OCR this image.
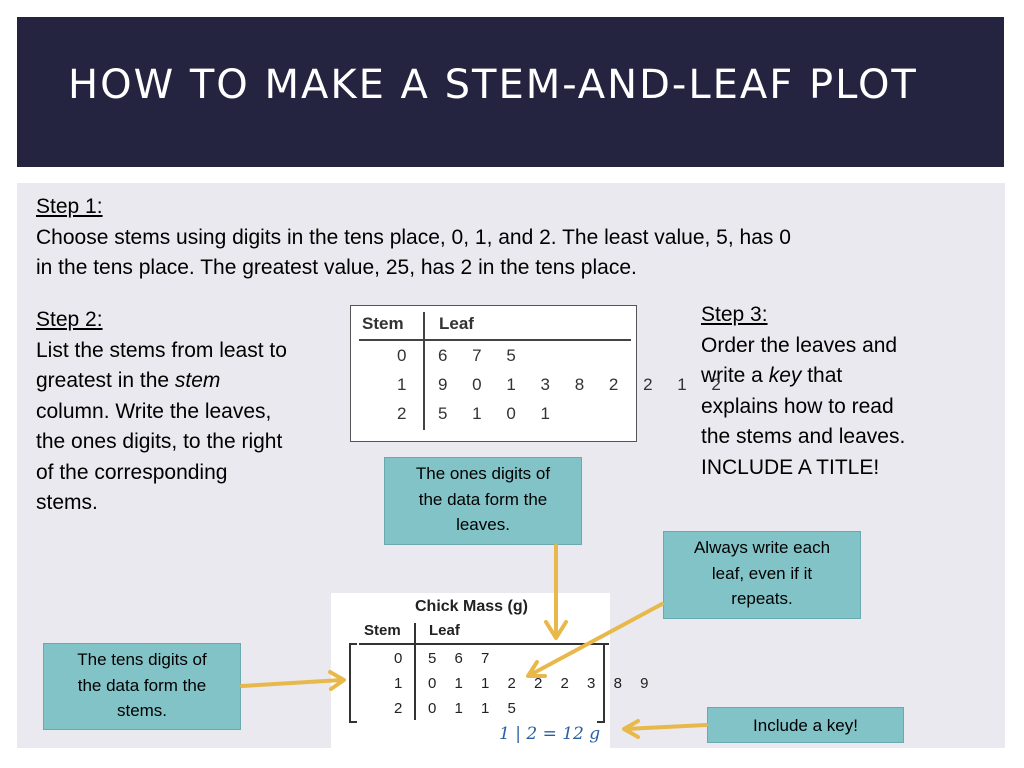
HOW TO MAKE A STEM-AND-LEAF PLOT
Step 1:
Choose stems using digits in the tens place, 0, 1, and 2. The least value, 5, has 0
in the tens place. The greatest value, 25, has 2 in the tens place.
Step 2:
List the stems from least to
greatest in the stem
column. Write the leaves,
the ones digits, to the right
of the corresponding
stems.
Step 3:
Order the leaves and
write a key that
explains how to read
the stems and leaves.
INCLUDE A TITLE!
Stem Leaf
0 6 7 5
1 9 0 1 3 8 2 2 1 2
2 5 1 0 1
Chick Mass (g)
Stem Leaf
0 5 6 7
1 0 1 1 2 2 2 3 8 9
2 0 1 1 5
1 | 2 = 12 g
The ones digits of
the data form the
leaves.
Always write each
leaf, even if it
repeats.
The tens digits of
the data form the
stems.
Include a key!
